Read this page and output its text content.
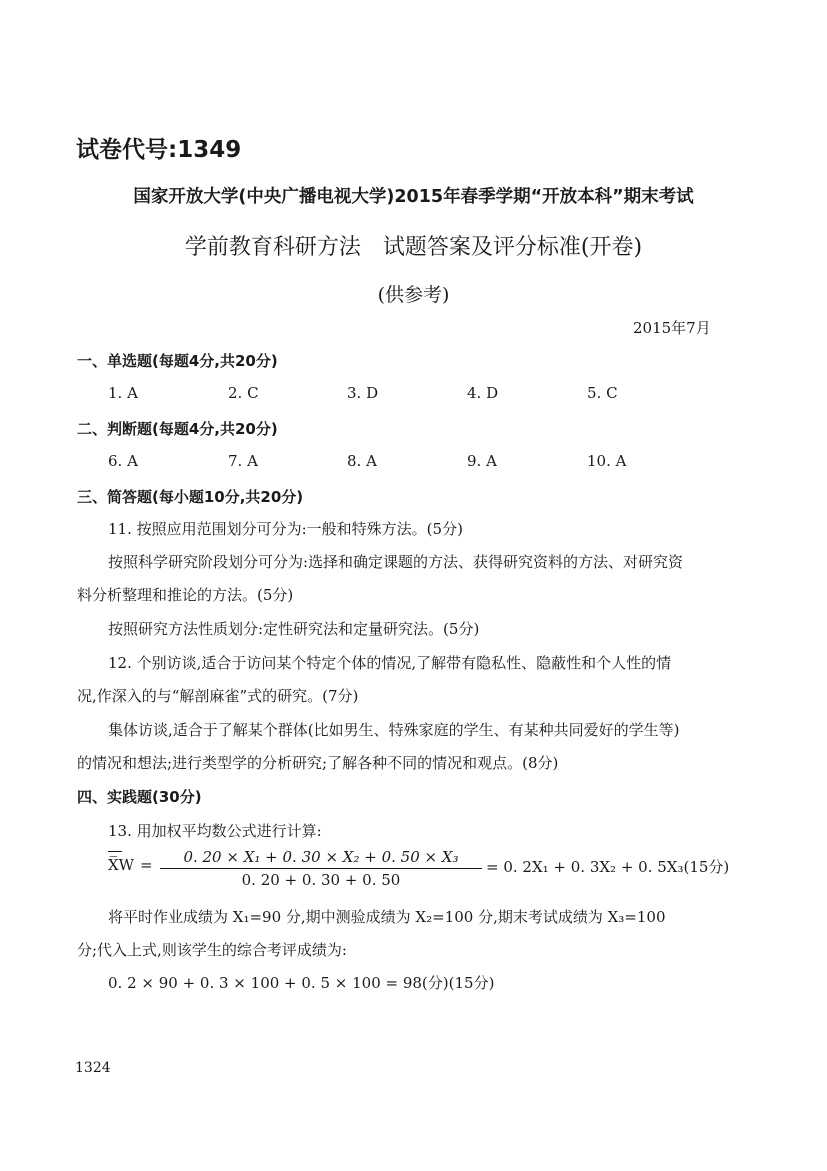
试卷代号:1349
国家开放大学(中央广播电视大学)2015年春季学期“开放本科”期末考试
学前教育科研方法　试题答案及评分标准(开卷)
(供参考)
2015年7月
一、单选题(每题4分,共20分)
1. A	2. C	3. D	4. D	5. C
二、判断题(每题4分,共20分)
6. A	7. A	8. A	9. A	10. A
三、简答题(每小题10分,共20分)
11. 按照应用范围划分可分为:一般和特殊方法。(5分)
按照科学研究阶段划分可分为:选择和确定课题的方法、获得研究资料的方法、对研究资
料分析整理和推论的方法。(5分)
按照研究方法性质划分:定性研究法和定量研究法。(5分)
12. 个别访谈,适合于访问某个特定个体的情况,了解带有隐私性、隐蔽性和个人性的情
况,作深入的与“解剖麻雀”式的研究。(7分)
集体访谈,适合于了解某个群体(比如男生、特殊家庭的学生、有某种共同爱好的学生等)
的情况和想法;进行类型学的分析研究;了解各种不同的情况和观点。(8分)
四、实践题(30分)
13. 用加权平均数公式进行计算:
X̅W =	0. 20 × X₁ + 0. 30 × X₂ + 0. 50 × X₃
0. 20 + 0. 30 + 0. 50
= 0. 2X₁ + 0. 3X₂ + 0. 5X₃(15分)
将平时作业成绩为 X₁=90 分,期中测验成绩为 X₂=100 分,期末考试成绩为 X₃=100
分;代入上式,则该学生的综合考评成绩为:
0. 2 × 90 + 0. 3 × 100 + 0. 5 × 100 = 98(分)(15分)
1324
